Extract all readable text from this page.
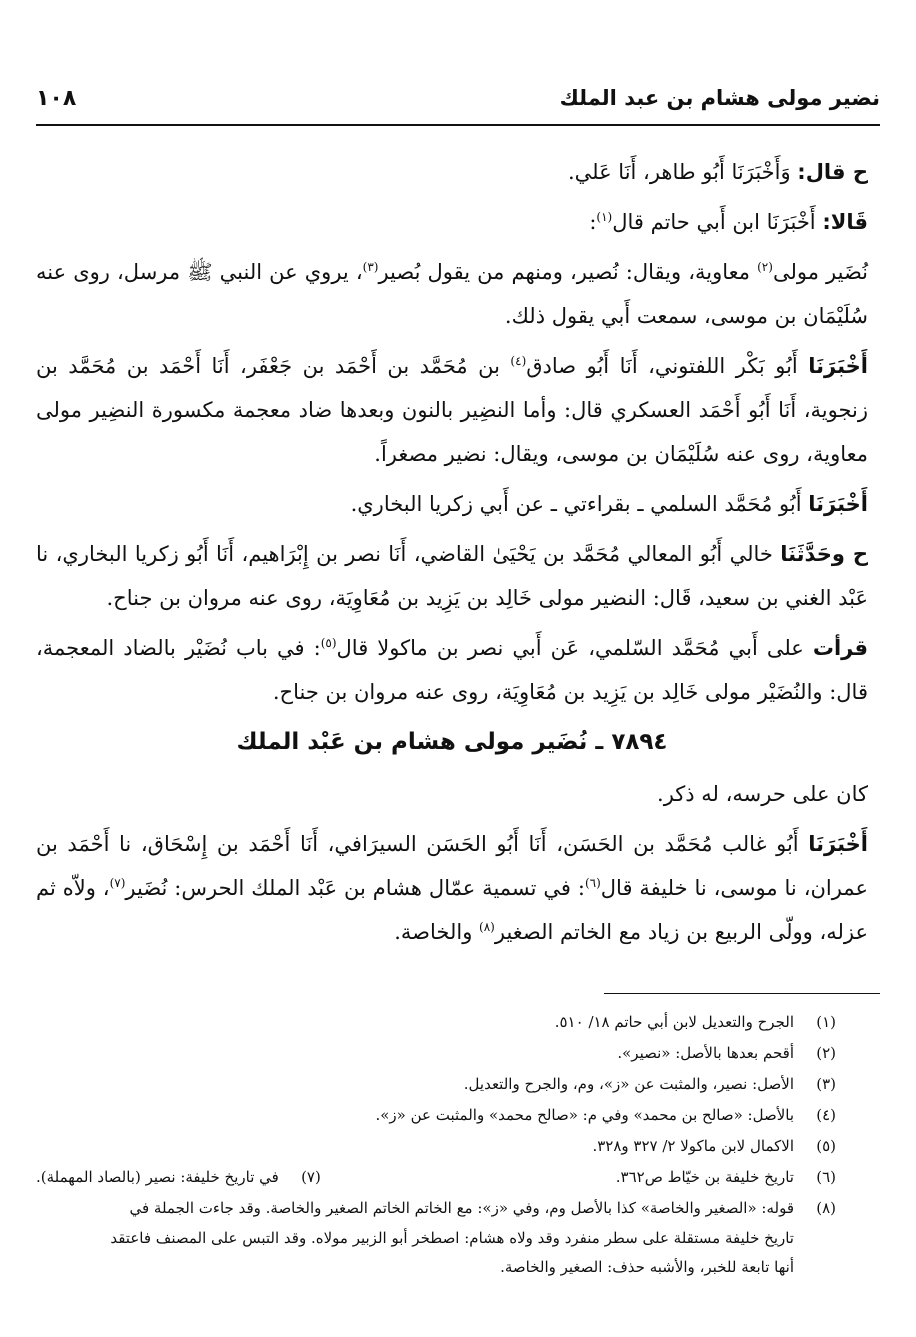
نضير مولى هشام بن عبد الملك
١٠٨

ح قال: وَأَخْبَرَنَا أَبُو طاهر، أَنَا عَلي.

قَالا: أَخْبَرَنَا ابن أَبي حاتم قال$^{(١)}$:

نُضَير مولى$^{(٢)}$ معاوية، ويقال: نُصير، ومنهم من يقول بُصير$^{(٣)}$، يروي عن النبي ﷺ مرسل، روى عنه سُلَيْمَان بن موسى، سمعت أَبي يقول ذلك.

أَخْبَرَنَا أَبُو بَكْر اللفتوني، أَنَا أَبُو صادق$^{(٤)}$ بن مُحَمَّد بن أَحْمَد بن جَعْفَر، أَنَا أَحْمَد بن مُحَمَّد بن زنجوية، أَنَا أَبُو أَحْمَد العسكري قال: وأما النضِير بالنون وبعدها ضاد معجمة مكسورة النضِير مولى معاوية، روى عنه سُلَيْمَان بن موسى، ويقال: نضير مصغراً.

أَخْبَرَنَا أَبُو مُحَمَّد السلمي ـ بقراءتي ـ عن أَبي زكريا البخاري.

ح وحَدَّثَنَا خالي أَبُو المعالي مُحَمَّد بن يَحْيَىٰ القاضي، أَنَا نصر بن إِبْرَاهيم، أَنَا أَبُو زكريا البخاري، نا عَبْد الغني بن سعيد، قَال: النضير مولى خَالِد بن يَزِيد بن مُعَاوِيَة، روى عنه مروان بن جناح.

قرأت على أَبي مُحَمَّد السّلمي، عَن أَبي نصر بن ماكولا قال$^{(٥)}$: في باب نُضَيْر بالضاد المعجمة، قال: والنُضَيْر مولى خَالِد بن يَزِيد بن مُعَاوِيَة، روى عنه مروان بن جناح.

٧٨٩٤ ـ نُضَير مولى هشام بن عَبْد الملك

كان على حرسه، له ذكر.

أَخْبَرَنَا أَبُو غالب مُحَمَّد بن الحَسَن، أَنَا أَبُو الحَسَن السيرَافي، أَنَا أَحْمَد بن إِسْحَاق، نا أَحْمَد بن عمران، نا موسى، نا خليفة قال$^{(٦)}$: في تسمية عمّال هشام بن عَبْد الملك الحرس: نُضَير$^{(٧)}$، ولاّه ثم عزله، وولّى الربيع بن زياد مع الخاتم الصغير$^{(٨)}$ والخاصة.

(١)الجرح والتعديل لابن أبي حاتم ١٨/ ٥١٠.
(٢)أقحم بعدها بالأصل: «نصير».
(٣)الأصل: نصير، والمثبت عن «ز»، وم، والجرح والتعديل.
(٤)بالأصل: «صالح بن محمد» وفي م: «صالح محمد» والمثبت عن «ز».
(٥)الاكمال لابن ماكولا ٢/ ٣٢٧ و٣٢٨.
(٦)تاريخ خليفة بن خيّاط ص٣٦٢.
(٧)في تاريخ خليفة: نصير (بالصاد المهملة).
(٨)قوله: «الصغير والخاصة» كذا بالأصل وم، وفي «ز»: مع الخاتم الخاتم الصغير والخاصة. وقد جاءت الجملة في
تاريخ خليفة مستقلة على سطر منفرد وقد ولاه هشام: اصطخر أبو الزبير مولاه. وقد التبس على المصنف فاعتقد
أنها تابعة للخبر، والأشبه حذف: الصغير والخاصة.
